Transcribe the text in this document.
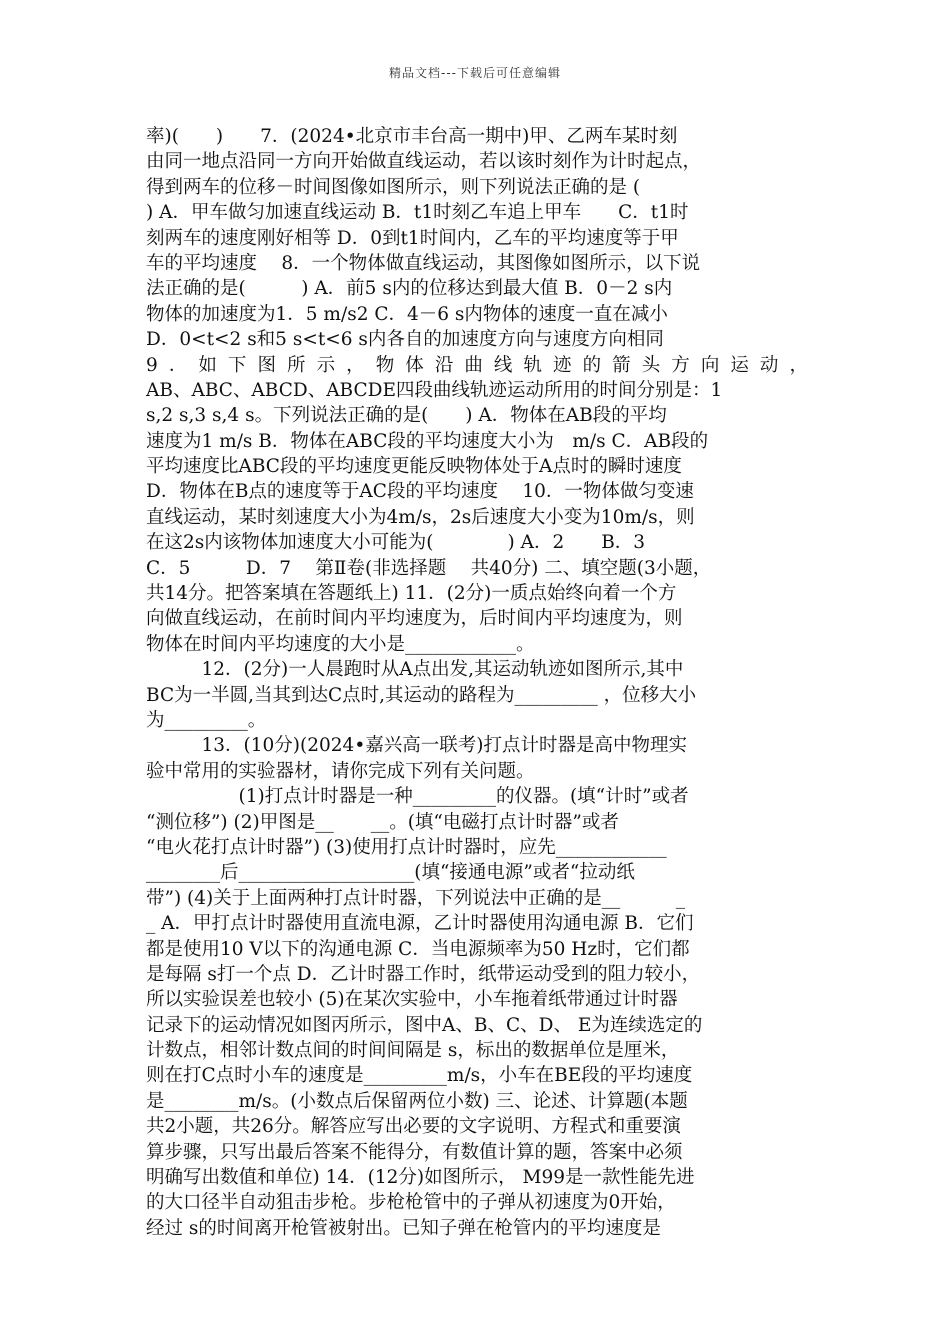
精品文档---下载后可任意编辑
率)(　　)　　7．(2024•北京市丰台高一期中)甲、乙两车某时刻
由同一地点沿同一方向开始做直线运动，若以该时刻作为计时起点，
得到两车的位移－时间图像如图所示，则下列说法正确的是 (
) A．甲车做匀加速直线运动 B．t1时刻乙车追上甲车　　C．t1时
刻两车的速度刚好相等 D．0到t1时间内，乙车的平均速度等于甲
车的平均速度　 8．一个物体做直线运动，其图像如图所示，以下说
法正确的是(　　　) A．前5 s内的位移达到最大值 B．0－2 s内
物体的加速度为1．5 m/s2 C．4－6 s内物体的速度一直在减小
D．0<t<2 s和5 s<t<6 s内各自的加速度方向与速度方向相同
9．如下图所示，物体沿曲线轨迹的箭头方向运动，
AB、ABC、ABCD、ABCDE四段曲线轨迹运动所用的时间分别是：1
s,2 s,3 s,4 s。下列说法正确的是(　　) A．物体在AB段的平均
速度为1 m/s B．物体在ABC段的平均速度大小为　m/s C．AB段的
平均速度比ABC段的平均速度更能反映物体处于A点时的瞬时速度
D．物体在B点的速度等于AC段的平均速度　 10．一物体做匀变速
直线运动，某时刻速度大小为4m/s，2s后速度大小变为10m/s，则
在这2s内该物体加速度大小可能为(　　　　) A．2　　B．3
C．5　　　D．7　 第Ⅱ卷(非选择题　 共40分) 二、填空题(3小题，
共14分。把答案填在答题纸上) 11．(2分)一质点始终向着一个方
向做直线运动，在前时间内平均速度为，后时间内平均速度为，则
物体在时间内平均速度的大小是____________。
　　　12．(2分)一人晨跑时从A点出发,其运动轨迹如图所示,其中
BC为一半圆,当其到达C点时,其运动的路程为_________ ，位移大小
为_________。
　　　13．(10分)(2024•嘉兴高一联考)打点计时器是高中物理实
验中常用的实验器材，请你完成下列有关问题。
　　　　　(1)打点计时器是一种_________的仪器。(填“计时”或者
“测位移”) (2)甲图是__　　__。(填“电磁打点计时器”或者
“电火花打点计时器”) (3)使用打点计时器时，应先____________
________后___________________(填“接通电源”或者“拉动纸
带”) (4)关于上面两种打点计时器，下列说法中正确的是__　　　_
_ A．甲打点计时器使用直流电源，乙计时器使用沟通电源 B．它们
都是使用10 V以下的沟通电源 C．当电源频率为50 Hz时，它们都
是每隔 s打一个点 D．乙计时器工作时，纸带运动受到的阻力较小，
所以实验误差也较小 (5)在某次实验中，小车拖着纸带通过计时器
记录下的运动情况如图丙所示，图中A、B、C、D、 E为连续选定的
计数点，相邻计数点间的时间间隔是 s，标出的数据单位是厘米，
则在打C点时小车的速度是_________m/s，小车在BE段的平均速度
是________m/s。(小数点后保留两位小数) 三、论述、计算题(本题
共2小题，共26分。解答应写出必要的文字说明、方程式和重要演
算步骤，只写出最后答案不能得分，有数值计算的题，答案中必须
明确写出数值和单位) 14．(12分)如图所示， M99是一款性能先进
的大口径半自动狙击步枪。步枪枪管中的子弹从初速度为0开始，
经过 s的时间离开枪管被射出。已知子弹在枪管内的平均速度是
